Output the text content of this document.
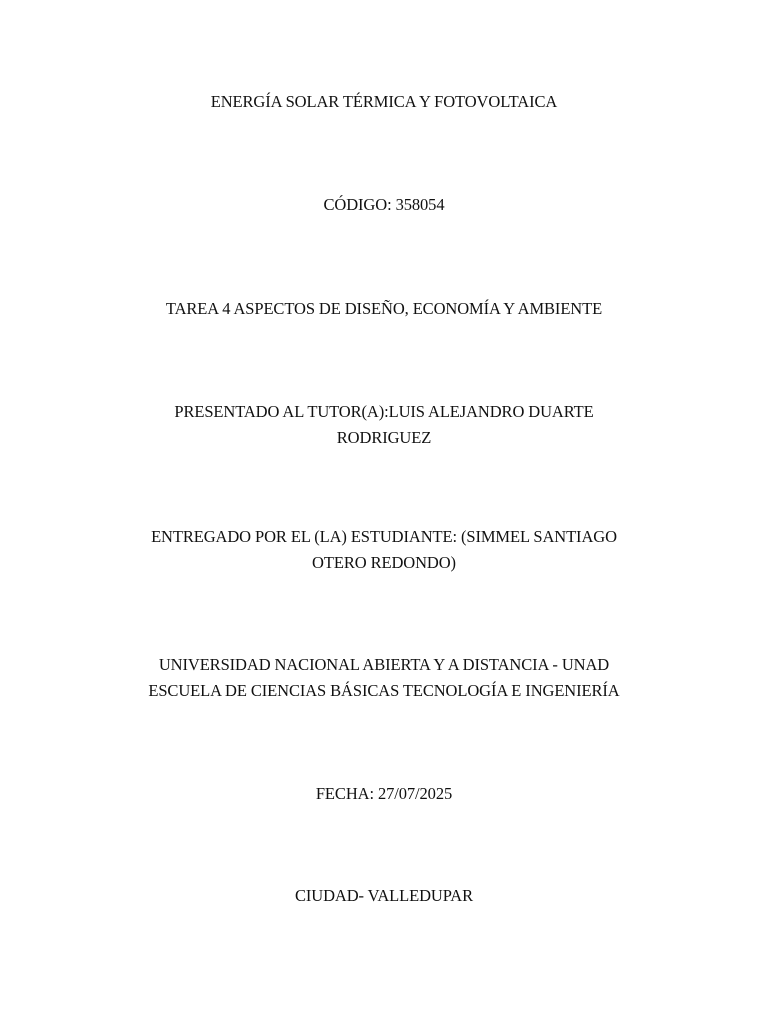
ENERGÍA SOLAR TÉRMICA Y FOTOVOLTAICA
CÓDIGO: 358054
TAREA 4 ASPECTOS DE DISEÑO, ECONOMÍA Y AMBIENTE
PRESENTADO AL TUTOR(A):LUIS ALEJANDRO DUARTE
RODRIGUEZ
ENTREGADO POR EL (LA) ESTUDIANTE: (SIMMEL SANTIAGO
OTERO REDONDO)
UNIVERSIDAD NACIONAL ABIERTA Y A DISTANCIA - UNAD
ESCUELA DE CIENCIAS BÁSICAS TECNOLOGÍA E INGENIERÍA
FECHA: 27/07/2025
CIUDAD- VALLEDUPAR
